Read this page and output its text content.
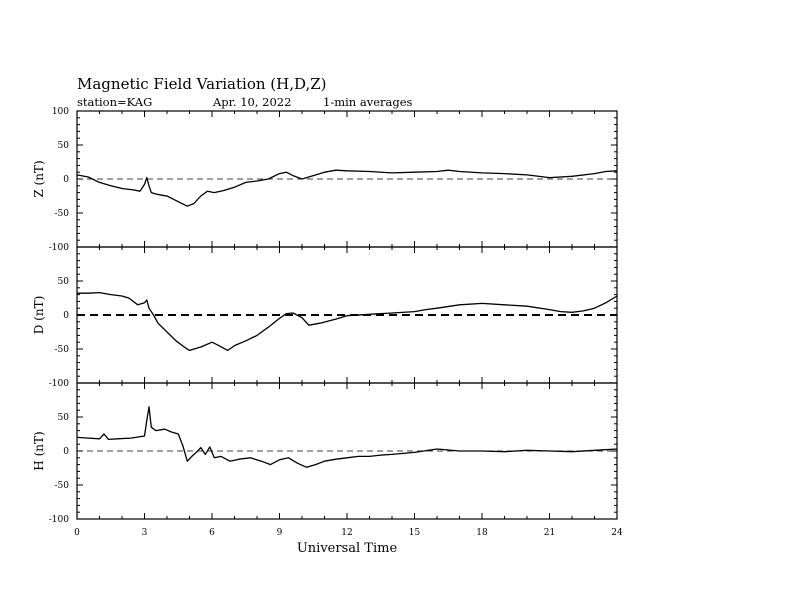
Magnetic Field Variation (H,D,Z)
station=KAG	Apr. 10, 2022	1-min averages
-100
-50
0
50
100
Z (nT)
-100
-50
0
50
D (nT)
-100
-50
0
50
H (nT)
0	3	6	9	12	15	18	21	24
Universal Time
